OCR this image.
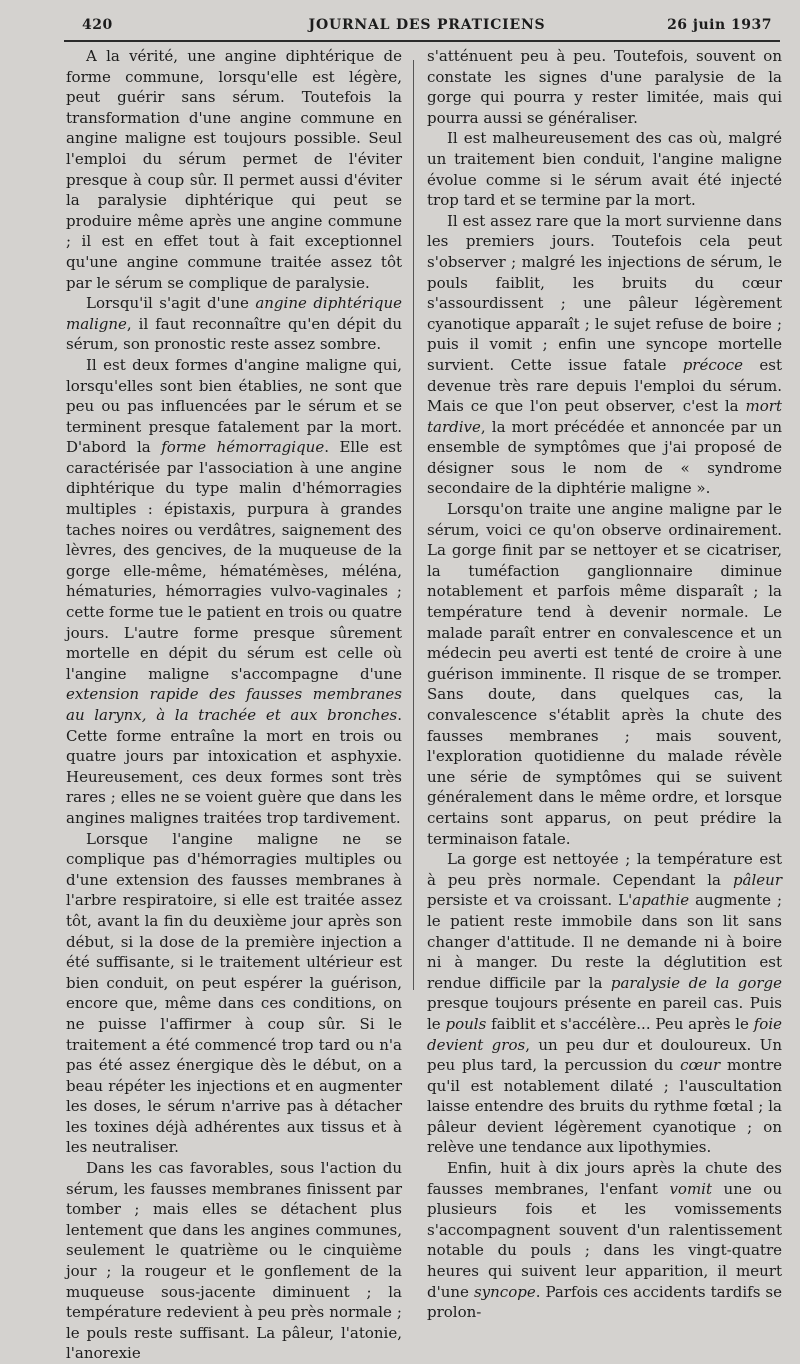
420	JOURNAL DES PRATICIENS	26 juin 1937

A la vérité, une angine diphtérique de forme commune, lorsqu'elle est légère, peut guérir sans sérum. Toutefois la transformation d'une angine commune en angine maligne est toujours possible. Seul l'emploi du sérum permet de l'éviter presque à coup sûr. Il permet aussi d'éviter la paralysie diphtérique qui peut se produire même après une angine commune ; il est en effet tout à fait exceptionnel qu'une angine commune traitée assez tôt par le sérum se complique de paralysie.

Lorsqu'il s'agit d'une angine diphtérique maligne, il faut reconnaître qu'en dépit du sérum, son pronostic reste assez sombre.

Il est deux formes d'angine maligne qui, lorsqu'elles sont bien établies, ne sont que peu ou pas influencées par le sérum et se terminent presque fatalement par la mort. D'abord la forme hémorragique. Elle est caractérisée par l'association à une angine diphtérique du type malin d'hémorragies multiples : épistaxis, purpura à grandes taches noires ou verdâtres, saignement des lèvres, des gencives, de la muqueuse de la gorge elle-même, hématémèses, méléna, hématuries, hémorragies vulvo-vaginales ; cette forme tue le patient en trois ou quatre jours. L'autre forme presque sûrement mortelle en dépit du sérum est celle où l'angine maligne s'accompagne d'une extension rapide des fausses membranes au larynx, à la trachée et aux bronches. Cette forme entraîne la mort en trois ou quatre jours par intoxication et asphyxie. Heureusement, ces deux formes sont très rares ; elles ne se voient guère que dans les angines malignes traitées trop tardivement.

Lorsque l'angine maligne ne se complique pas d'hémorragies multiples ou d'une extension des fausses membranes à l'arbre respiratoire, si elle est traitée assez tôt, avant la fin du deuxième jour après son début, si la dose de la première injection a été suffisante, si le traitement ultérieur est bien conduit, on peut espérer la guérison, encore que, même dans ces conditions, on ne puisse l'affirmer à coup sûr. Si le traitement a été commencé trop tard ou n'a pas été assez énergique dès le début, on a beau répéter les injections et en augmenter les doses, le sérum n'arrive pas à détacher les toxines déjà adhérentes aux tissus et à les neutraliser.

Dans les cas favorables, sous l'action du sérum, les fausses membranes finissent par tomber ; mais elles se détachent plus lentement que dans les angines communes, seulement le quatrième ou le cinquième jour ; la rougeur et le gonflement de la muqueuse sous-jacente diminuent ; la température redevient à peu près normale ; le pouls reste suffisant. La pâleur, l'atonie, l'anorexie

s'atténuent peu à peu. Toutefois, souvent on constate les signes d'une paralysie de la gorge qui pourra y rester limitée, mais qui pourra aussi se généraliser.

Il est malheureusement des cas où, malgré un traitement bien conduit, l'angine maligne évolue comme si le sérum avait été injecté trop tard et se termine par la mort.

Il est assez rare que la mort survienne dans les premiers jours. Toutefois cela peut s'observer ; malgré les injections de sérum, le pouls faiblit, les bruits du cœur s'assourdissent ; une pâleur légèrement cyanotique apparaît ; le sujet refuse de boire ; puis il vomit ; enfin une syncope mortelle survient. Cette issue fatale précoce est devenue très rare depuis l'emploi du sérum. Mais ce que l'on peut observer, c'est la mort tardive, la mort précédée et annoncée par un ensemble de symptômes que j'ai proposé de désigner sous le nom de « syndrome secondaire de la diphtérie maligne ».

Lorsqu'on traite une angine maligne par le sérum, voici ce qu'on observe ordinairement. La gorge finit par se nettoyer et se cicatriser, la tuméfaction ganglionnaire diminue notablement et parfois même disparaît ; la température tend à devenir normale. Le malade paraît entrer en convalescence et un médecin peu averti est tenté de croire à une guérison imminente. Il risque de se tromper. Sans doute, dans quelques cas, la convalescence s'établit après la chute des fausses membranes ; mais souvent, l'exploration quotidienne du malade révèle une série de symptômes qui se suivent généralement dans le même ordre, et lorsque certains sont apparus, on peut prédire la terminaison fatale.

La gorge est nettoyée ; la température est à peu près normale. Cependant la pâleur persiste et va croissant. L'apathie augmente ; le patient reste immobile dans son lit sans changer d'attitude. Il ne demande ni à boire ni à manger. Du reste la déglutition est rendue difficile par la paralysie de la gorge presque toujours présente en pareil cas. Puis le pouls faiblit et s'accélère... Peu après le foie devient gros, un peu dur et douloureux. Un peu plus tard, la percussion du cœur montre qu'il est notablement dilaté ; l'auscultation laisse entendre des bruits du rythme fœtal ; la pâleur devient légèrement cyanotique ; on relève une tendance aux lipothymies.

Enfin, huit à dix jours après la chute des fausses membranes, l'enfant vomit une ou plusieurs fois et les vomissements s'accompagnent souvent d'un ralentissement notable du pouls ; dans les vingt-quatre heures qui suivent leur apparition, il meurt d'une syncope. Parfois ces accidents tardifs se prolon-
